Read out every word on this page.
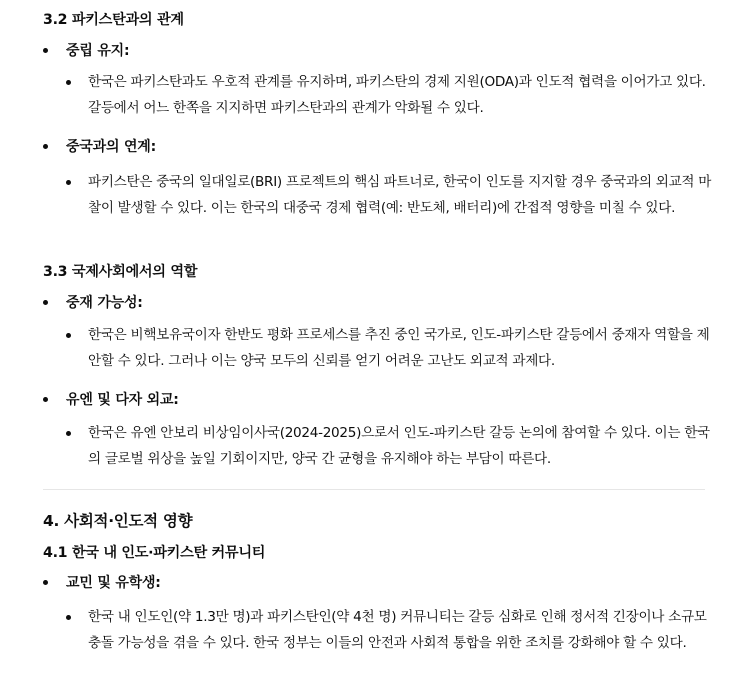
3.2 파키스탄과의 관계
중립 유지:
한국은 파키스탄과도 우호적 관계를 유지하며, 파키스탄의 경제 지원(ODA)과 인도적 협력을 이어가고 있다. 갈등에서 어느 한쪽을 지지하면 파키스탄과의 관계가 악화될 수 있다.
중국과의 연계:
파키스탄은 중국의 일대일로(BRI) 프로젝트의 핵심 파트너로, 한국이 인도를 지지할 경우 중국과의 외교적 마찰이 발생할 수 있다. 이는 한국의 대중국 경제 협력(예: 반도체, 배터리)에 간접적 영향을 미칠 수 있다.
3.3 국제사회에서의 역할
중재 가능성:
한국은 비핵보유국이자 한반도 평화 프로세스를 추진 중인 국가로, 인도-파키스탄 갈등에서 중재자 역할을 제안할 수 있다. 그러나 이는 양국 모두의 신뢰를 얻기 어려운 고난도 외교적 과제다.
유엔 및 다자 외교:
한국은 유엔 안보리 비상임이사국(2024-2025)으로서 인도-파키스탄 갈등 논의에 참여할 수 있다. 이는 한국의 글로벌 위상을 높일 기회이지만, 양국 간 균형을 유지해야 하는 부담이 따른다.
4. 사회적·인도적 영향
4.1 한국 내 인도·파키스탄 커뮤니티
교민 및 유학생:
한국 내 인도인(약 1.3만 명)과 파키스탄인(약 4천 명) 커뮤니티는 갈등 심화로 인해 정서적 긴장이나 소규모 충돌 가능성을 겪을 수 있다. 한국 정부는 이들의 안전과 사회적 통합을 위한 조치를 강화해야 할 수 있다.
